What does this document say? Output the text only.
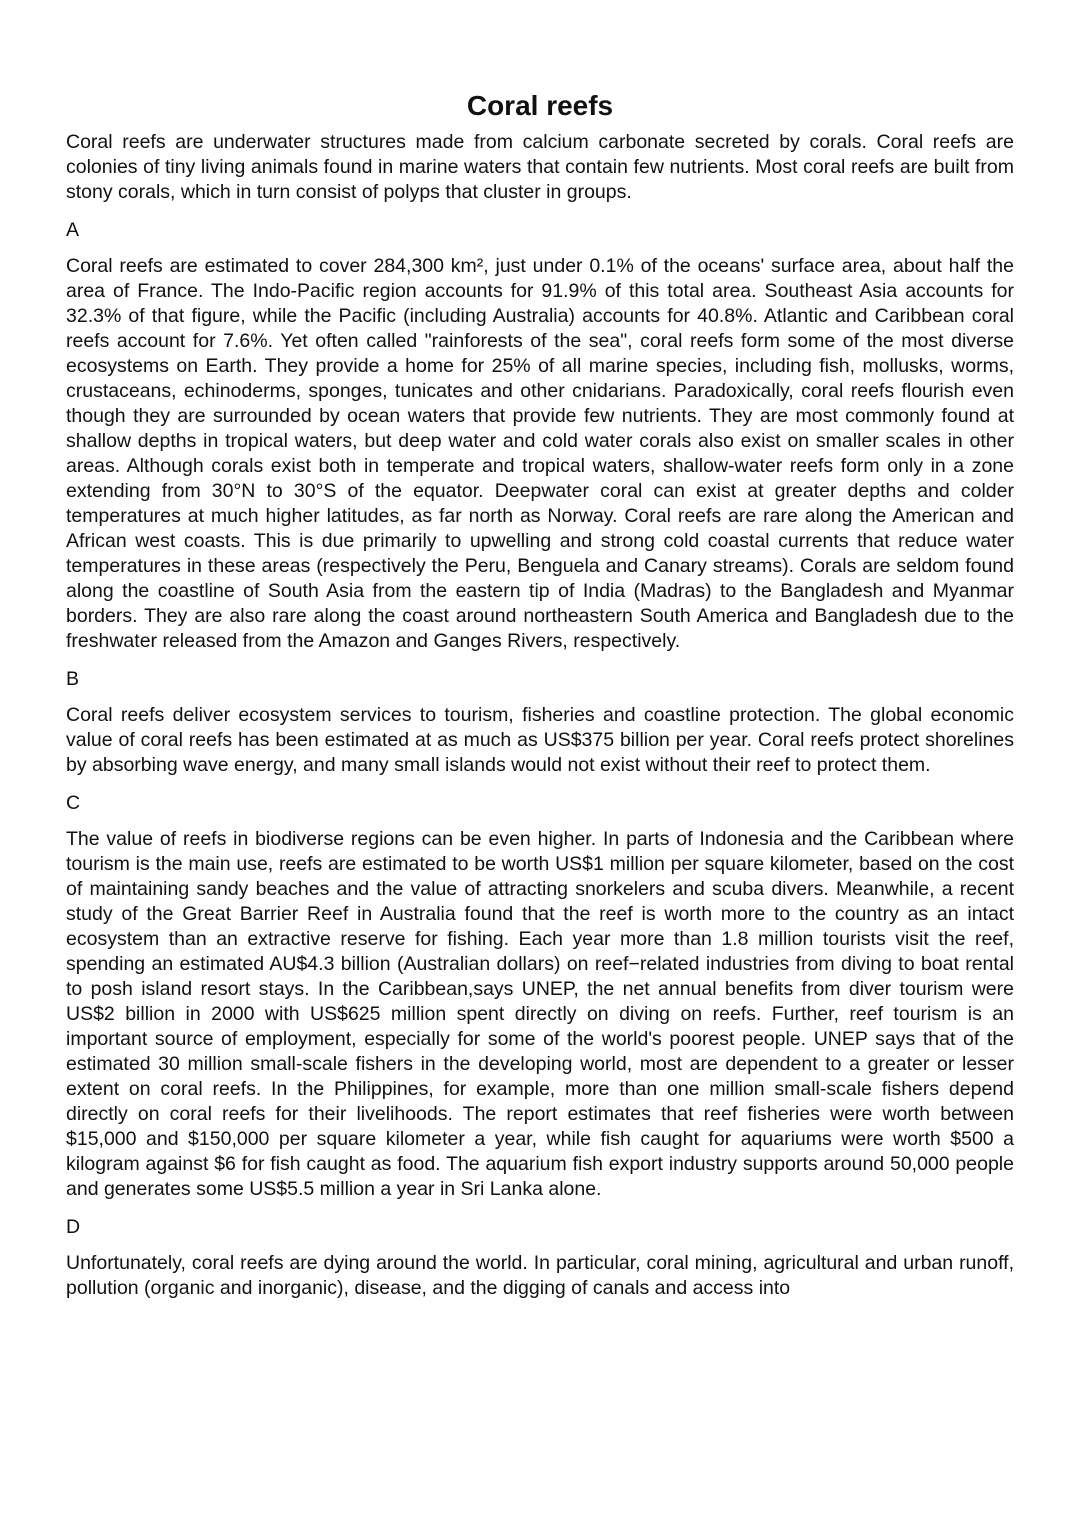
Coral reefs

Coral reefs are underwater structures made from calcium carbonate secreted by corals. Coral reefs are colonies of tiny living animals found in marine waters that contain few nutrients. Most coral reefs are built from stony corals, which in turn consist of polyps that cluster in groups.

A

Coral reefs are estimated to cover 284,300 km², just under 0.1% of the oceans' surface area, about half the area of France. The Indo-Pacific region accounts for 91.9% of this total area. Southeast Asia accounts for 32.3% of that figure, while the Pacific (including Australia) accounts for 40.8%. Atlantic and Caribbean coral reefs account for 7.6%. Yet often called "rainforests of the sea", coral reefs form some of the most diverse ecosystems on Earth. They provide a home for 25% of all marine species, including fish, mollusks, worms, crustaceans, echinoderms, sponges, tunicates and other cnidarians. Paradoxically, coral reefs flourish even though they are surrounded by ocean waters that provide few nutrients. They are most commonly found at shallow depths in tropical waters, but deep water and cold water corals also exist on smaller scales in other areas. Although corals exist both in temperate and tropical waters, shallow-water reefs form only in a zone extending from 30°N to 30°S of the equator. Deepwater coral can exist at greater depths and colder temperatures at much higher latitudes, as far north as Norway. Coral reefs are rare along the American and African west coasts. This is due primarily to upwelling and strong cold coastal currents that reduce water temperatures in these areas (respectively the Peru, Benguela and Canary streams). Corals are seldom found along the coastline of South Asia from the eastern tip of India (Madras) to the Bangladesh and Myanmar borders. They are also rare along the coast around northeastern South America and Bangladesh due to the freshwater released from the Amazon and Ganges Rivers, respectively.

B

Coral reefs deliver ecosystem services to tourism, fisheries and coastline protection. The global economic value of coral reefs has been estimated at as much as US$375 billion per year. Coral reefs protect shorelines by absorbing wave energy, and many small islands would not exist without their reef to protect them.

C

The value of reefs in biodiverse regions can be even higher. In parts of Indonesia and the Caribbean where tourism is the main use, reefs are estimated to be worth US$1 million per square kilometer, based on the cost of maintaining sandy beaches and the value of attracting snorkelers and scuba divers. Meanwhile, a recent study of the Great Barrier Reef in Australia found that the reef is worth more to the country as an intact ecosystem than an extractive reserve for fishing. Each year more than 1.8 million tourists visit the reef, spending an estimated AU$4.3 billion (Australian dollars) on reef−related industries from diving to boat rental to posh island resort stays. In the Caribbean,says UNEP, the net annual benefits from diver tourism were US$2 billion in 2000 with US$625 million spent directly on diving on reefs. Further, reef tourism is an important source of employment, especially for some of the world's poorest people. UNEP says that of the estimated 30 million small-scale fishers in the developing world, most are dependent to a greater or lesser extent on coral reefs. In the Philippines, for example, more than one million small-scale fishers depend directly on coral reefs for their livelihoods. The report estimates that reef fisheries were worth between $15,000 and $150,000 per square kilometer a year, while fish caught for aquariums were worth $500 a kilogram against $6 for fish caught as food. The aquarium fish export industry supports around 50,000 people and generates some US$5.5 million a year in Sri Lanka alone.

D

Unfortunately, coral reefs are dying around the world. In particular, coral mining, agricultural and urban runoff, pollution (organic and inorganic), disease, and the digging of canals and access into
